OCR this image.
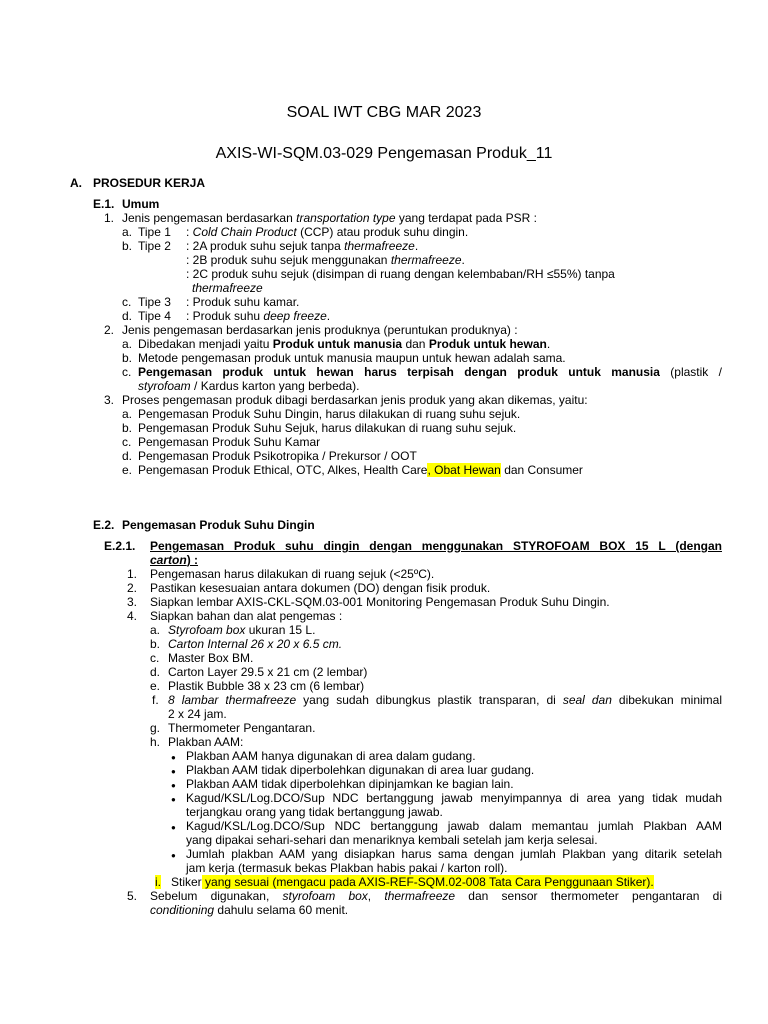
SOAL IWT CBG MAR 2023
AXIS-WI-SQM.03-029 Pengemasan Produk_11
A. PROSEDUR KERJA
E.1. Umum
1. Jenis pengemasan berdasarkan transportation type yang terdapat pada PSR :
a. Tipe 1 : Cold Chain Product (CCP) atau produk suhu dingin.
b. Tipe 2 : 2A produk suhu sejuk tanpa thermafreeze.
: 2B produk suhu sejuk menggunakan thermafreeze.
: 2C produk suhu sejuk (disimpan di ruang dengan kelembaban/RH ≤55%) tanpa
thermafreeze
c. Tipe 3 : Produk suhu kamar.
d. Tipe 4 : Produk suhu deep freeze.
2. Jenis pengemasan berdasarkan jenis produknya (peruntukan produknya) :
a. Dibedakan menjadi yaitu Produk untuk manusia dan Produk untuk hewan.
b. Metode pengemasan produk untuk manusia maupun untuk hewan adalah sama.
c. Pengemasan produk untuk hewan harus terpisah dengan produk untuk manusia (plastik /
styrofoam / Kardus karton yang berbeda).
3. Proses pengemasan produk dibagi berdasarkan jenis produk yang akan dikemas, yaitu:
a. Pengemasan Produk Suhu Dingin, harus dilakukan di ruang suhu sejuk.
b. Pengemasan Produk Suhu Sejuk, harus dilakukan di ruang suhu sejuk.
c. Pengemasan Produk Suhu Kamar
d. Pengemasan Produk Psikotropika / Prekursor / OOT
e. Pengemasan Produk Ethical, OTC, Alkes, Health Care, Obat Hewan dan Consumer
E.2. Pengemasan Produk Suhu Dingin
E.2.1. Pengemasan Produk suhu dingin dengan menggunakan STYROFOAM BOX 15 L (dengan
carton) :
1. Pengemasan harus dilakukan di ruang sejuk (<25ºC).
2. Pastikan kesesuaian antara dokumen (DO) dengan fisik produk.
3. Siapkan lembar AXIS-CKL-SQM.03-001 Monitoring Pengemasan Produk Suhu Dingin.
4. Siapkan bahan dan alat pengemas :
a. Styrofoam box ukuran 15 L.
b. Carton Internal 26 x 20 x 6.5 cm.
c. Master Box BM.
d. Carton Layer 29.5 x 21 cm (2 lembar)
e. Plastik Bubble 38 x 23 cm (6 lembar)
f. 8 lambar thermafreeze yang sudah dibungkus plastik transparan, di seal dan dibekukan minimal
2 x 24 jam.
g. Thermometer Pengantaran.
h. Plakban AAM:
● Plakban AAM hanya digunakan di area dalam gudang.
● Plakban AAM tidak diperbolehkan digunakan di area luar gudang.
● Plakban AAM tidak diperbolehkan dipinjamkan ke bagian lain.
● Kagud/KSL/Log.DCO/Sup NDC bertanggung jawab menyimpannya di area yang tidak mudah
terjangkau orang yang tidak bertanggung jawab.
● Kagud/KSL/Log.DCO/Sup NDC bertanggung jawab dalam memantau jumlah Plakban AAM
yang dipakai sehari-sehari dan menariknya kembali setelah jam kerja selesai.
● Jumlah plakban AAM yang disiapkan harus sama dengan jumlah Plakban yang ditarik setelah
jam kerja (termasuk bekas Plakban habis pakai / karton roll).
i. Stiker yang sesuai (mengacu pada AXIS-REF-SQM.02-008 Tata Cara Penggunaan Stiker).
5. Sebelum digunakan, styrofoam box, thermafreeze dan sensor thermometer pengantaran di
conditioning dahulu selama 60 menit.
